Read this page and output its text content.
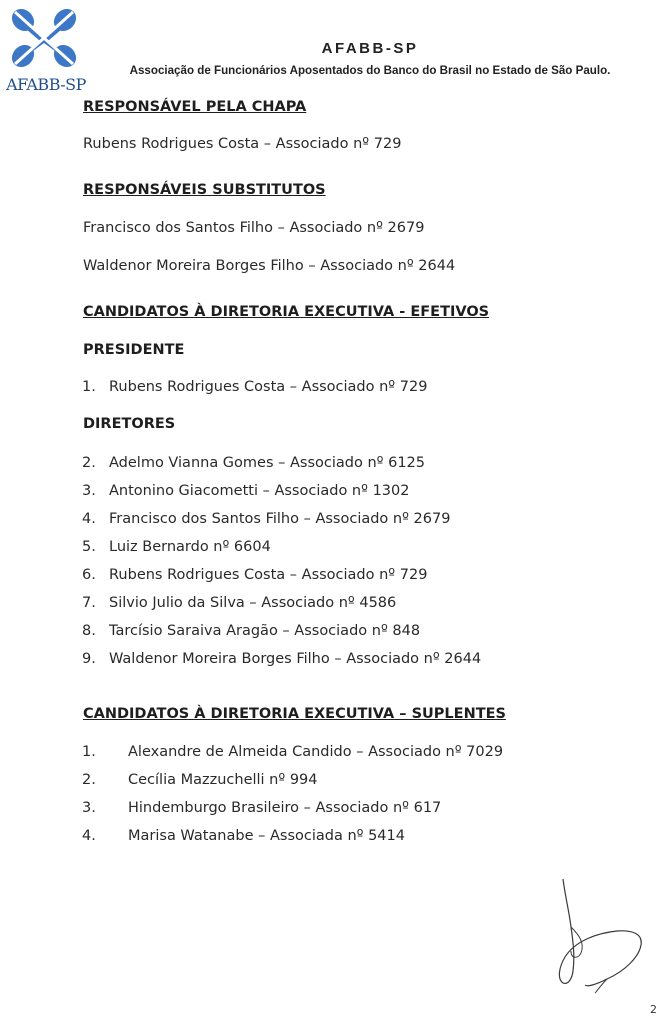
AFABB-SP
AFABB-SP
Associação de Funcionários Aposentados do Banco do Brasil no Estado de São Paulo.
RESPONSÁVEL PELA CHAPA
Rubens Rodrigues Costa – Associado nº 729
RESPONSÁVEIS SUBSTITUTOS
Francisco dos Santos Filho – Associado nº 2679
Waldenor Moreira Borges Filho – Associado nº 2644
CANDIDATOS À DIRETORIA EXECUTIVA - EFETIVOS
PRESIDENTE
1. Rubens Rodrigues Costa – Associado nº 729
DIRETORES
2. Adelmo Vianna Gomes – Associado nº 6125
3. Antonino Giacometti – Associado nº 1302
4. Francisco dos Santos Filho – Associado nº 2679
5. Luiz Bernardo nº 6604
6. Rubens Rodrigues Costa – Associado nº 729
7. Silvio Julio da Silva – Associado nº 4586
8. Tarcísio Saraiva Aragão – Associado nº 848
9. Waldenor Moreira Borges Filho – Associado nº 2644
CANDIDATOS À DIRETORIA EXECUTIVA – SUPLENTES
1. Alexandre de Almeida Candido – Associado nº 7029
2. Cecília Mazzuchelli nº 994
3. Hindemburgo Brasileiro – Associado nº 617
4. Marisa Watanabe – Associada nº 5414
2
